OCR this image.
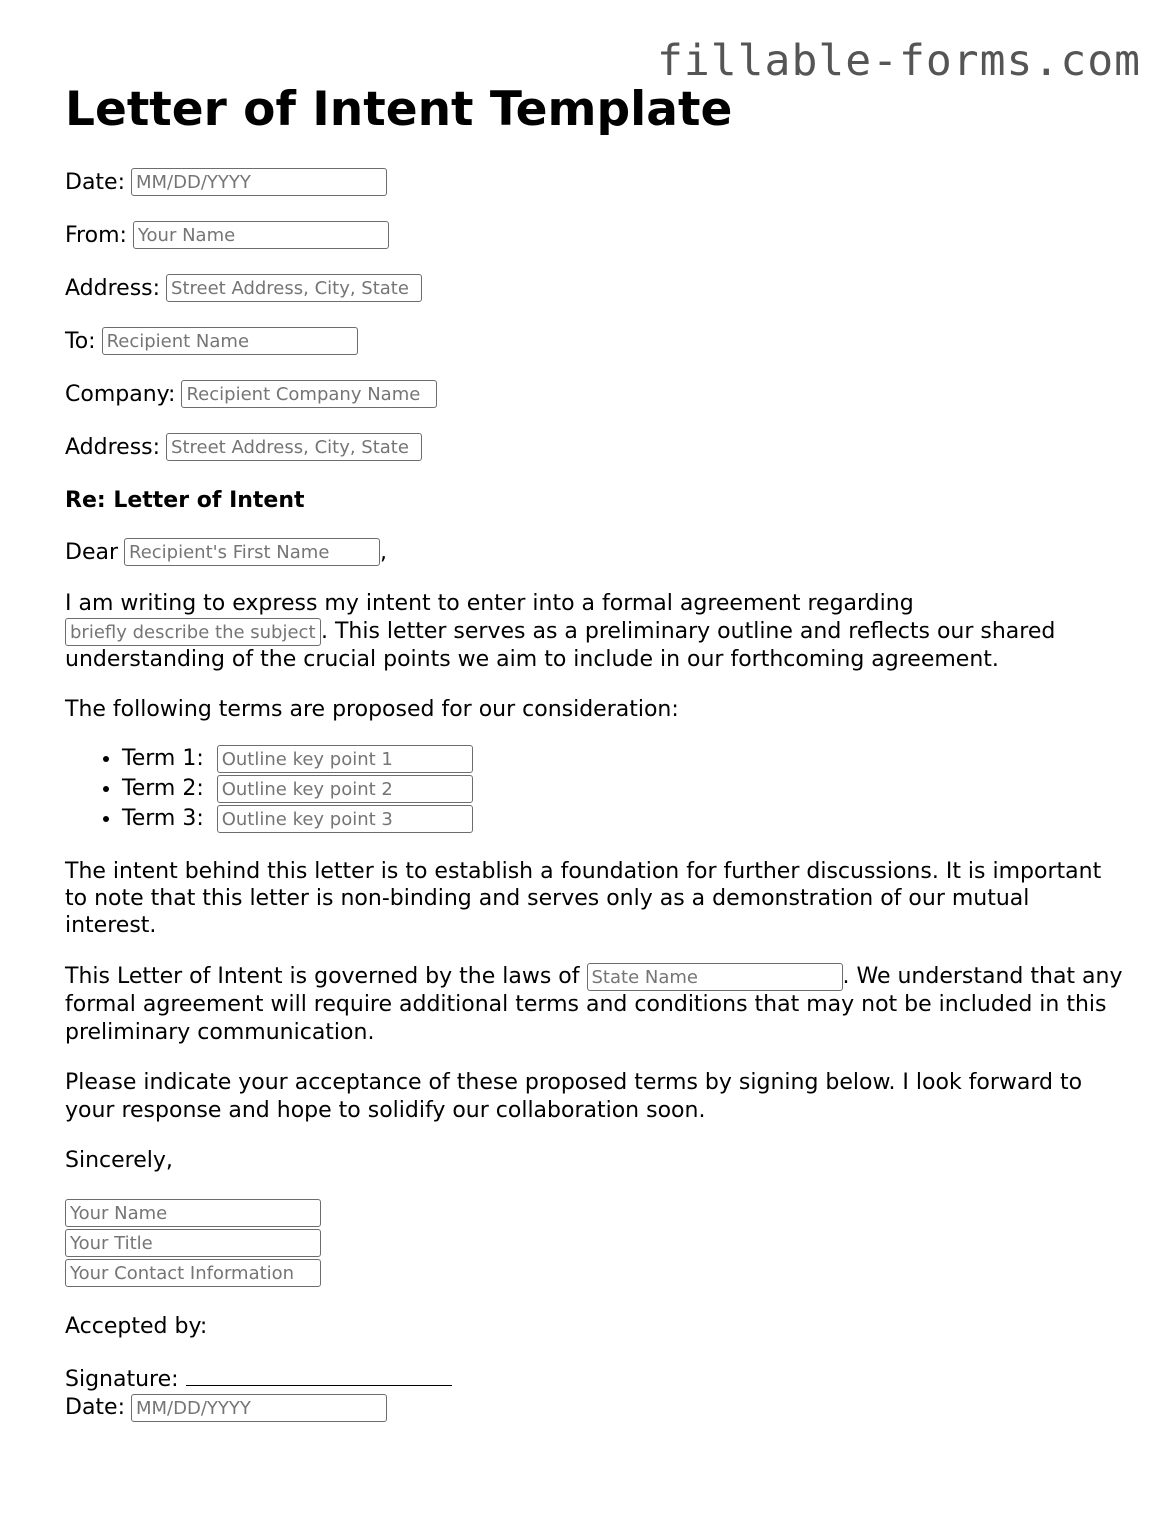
fillable-forms.com
Letter of Intent Template
Date:
MM/DD/YYYY
From:
Your Name
Address:
Street Address, City, State
To:
Recipient Name
Company:
Recipient Company Name
Address:
Street Address, City, State
Re: Letter of Intent
Dear
Recipient's First Name	,

I am writing to express my intent to enter into a formal agreement regarding
briefly describe the subject. This letter serves as a preliminary outline and reflects our shared understanding of the crucial points we aim to include in our forthcoming agreement.

The following terms are proposed for our consideration:

• Term 1: Outline key point 1
• Term 2: Outline key point 2
• Term 3: Outline key point 3

The intent behind this letter is to establish a foundation for further discussions. It is important to note that this letter is non-binding and serves only as a demonstration of our mutual interest.

This Letter of Intent is governed by the laws of State Name	. We understand that any formal agreement will require additional terms and conditions that may not be included in this preliminary communication.

Please indicate your acceptance of these proposed terms by signing below. I look forward to your response and hope to solidify our collaboration soon.

Sincerely,

Your Name
Your Title
Your Contact Information

Accepted by:

Signature:
Date:MM/DD/YYYY
